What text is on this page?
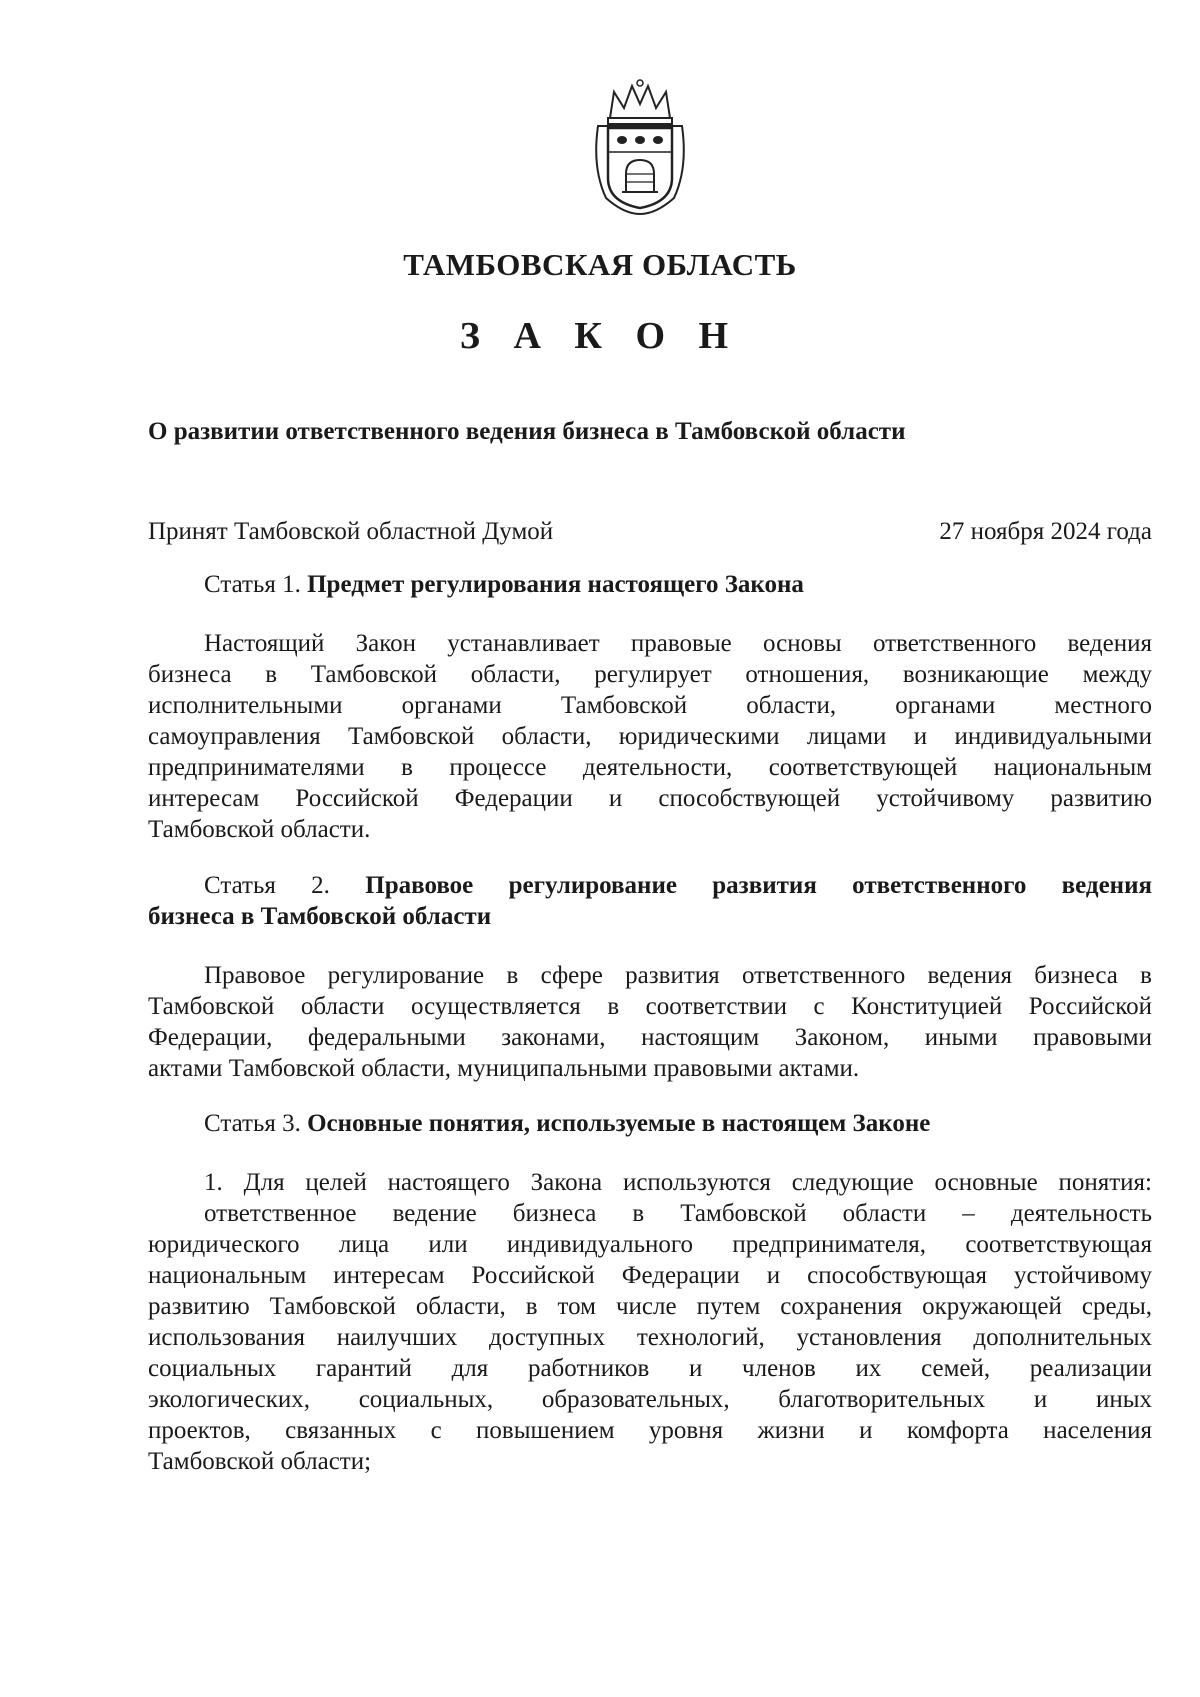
ТАМБОВСКАЯ ОБЛАСТЬ
З А К О Н
О развитии ответственного ведения бизнеса в Тамбовской области
Принят Тамбовской областной Думой	27 ноября 2024 года
Статья 1. Предмет регулирования настоящего Закона
Настоящий Закон устанавливает правовые основы ответственного ведения
бизнеса в Тамбовской области, регулирует отношения, возникающие между
исполнительными органами Тамбовской области, органами местного
самоуправления Тамбовской области, юридическими лицами и индивидуальными
предпринимателями в процессе деятельности, соответствующей национальным
интересам Российской Федерации и способствующей устойчивому развитию
Тамбовской области.
Статья 2. Правовое регулирование развития ответственного ведения
бизнеса в Тамбовской области
Правовое регулирование в сфере развития ответственного ведения бизнеса в
Тамбовской области осуществляется в соответствии с Конституцией Российской
Федерации, федеральными законами, настоящим Законом, иными правовыми
актами Тамбовской области, муниципальными правовыми актами.
Статья 3. Основные понятия, используемые в настоящем Законе
1. Для целей настоящего Закона используются следующие основные понятия:
ответственное ведение бизнеса в Тамбовской области – деятельность
юридического лица или индивидуального предпринимателя, соответствующая
национальным интересам Российской Федерации и способствующая устойчивому
развитию Тамбовской области, в том числе путем сохранения окружающей среды,
использования наилучших доступных технологий, установления дополнительных
социальных гарантий для работников и членов их семей, реализации
экологических, социальных, образовательных, благотворительных и иных
проектов, связанных с повышением уровня жизни и комфорта населения
Тамбовской области;
